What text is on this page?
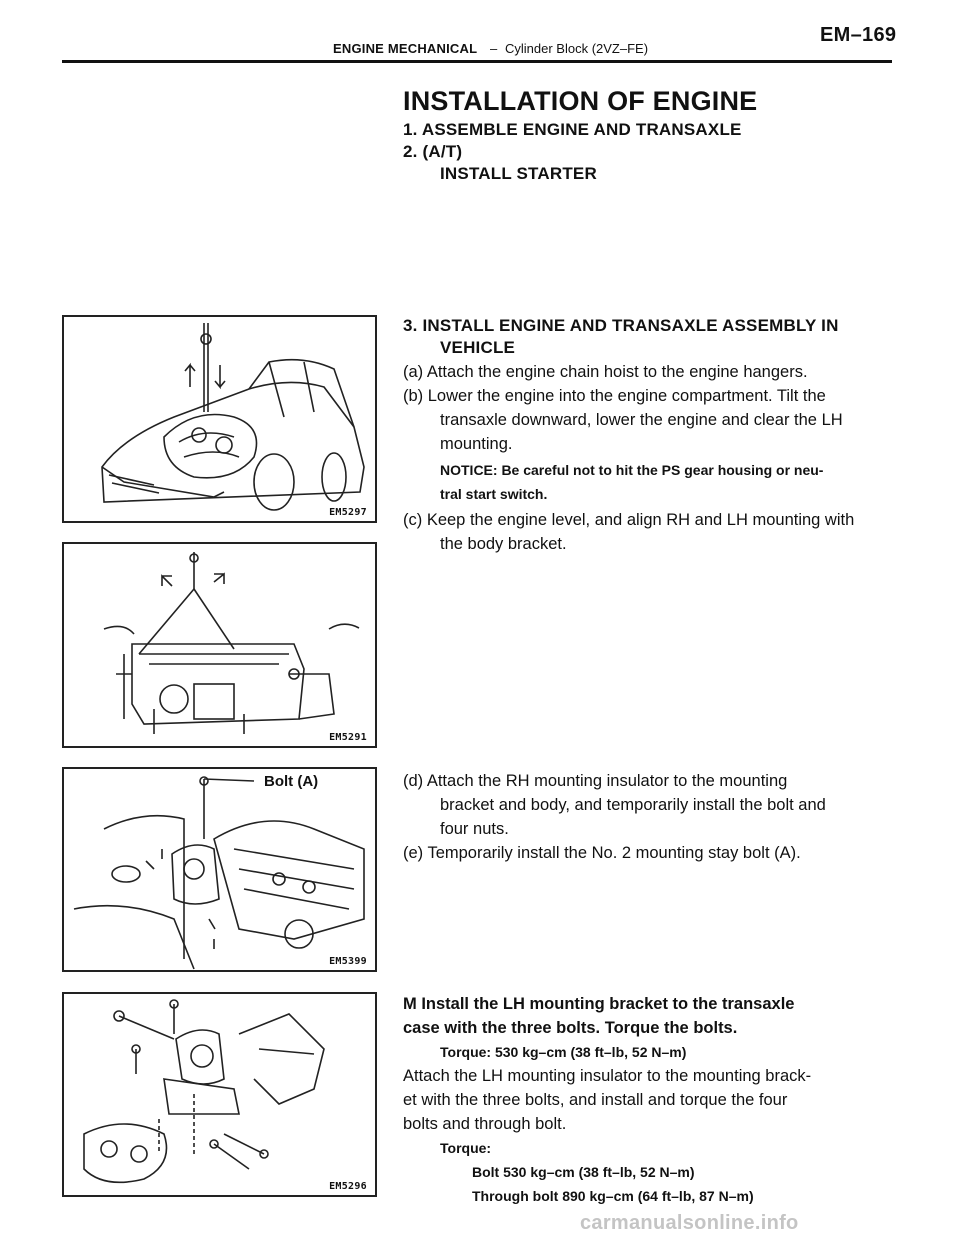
ENGINE MECHANICAL – Cylinder Block (2VZ–FE)
EM–169
INSTALLATION OF ENGINE
1. ASSEMBLE ENGINE AND TRANSAXLE
2. (A/T)
INSTALL STARTER
EM5297
3. INSTALL ENGINE AND TRANSAXLE ASSEMBLY IN
VEHICLE
(a) Attach the engine chain hoist to the engine hangers.
(b) Lower the engine into the engine compartment. Tilt the
transaxle downward, lower the engine and clear the LH
mounting.
NOTICE: Be careful not to hit the PS gear housing or neu-
tral start switch.
(c) Keep the engine level, and align RH and LH mounting with
the body bracket.
EM5291
Bolt (A)
EM5399
(d) Attach the RH mounting insulator to the mounting
bracket and body, and temporarily install the bolt and
four nuts.
(e) Temporarily install the No. 2 mounting stay bolt (A).
EM5296
M Install the LH mounting bracket to the transaxle
case with the three bolts. Torque the bolts.
Torque: 530 kg–cm (38 ft–lb, 52 N–m)
Attach the LH mounting insulator to the mounting brack-
et with the three bolts, and install and torque the four
bolts and through bolt.
Torque:
Bolt 530 kg–cm (38 ft–lb, 52 N–m)
Through bolt 890 kg–cm (64 ft–lb, 87 N–m)
carmanualsonline.info
